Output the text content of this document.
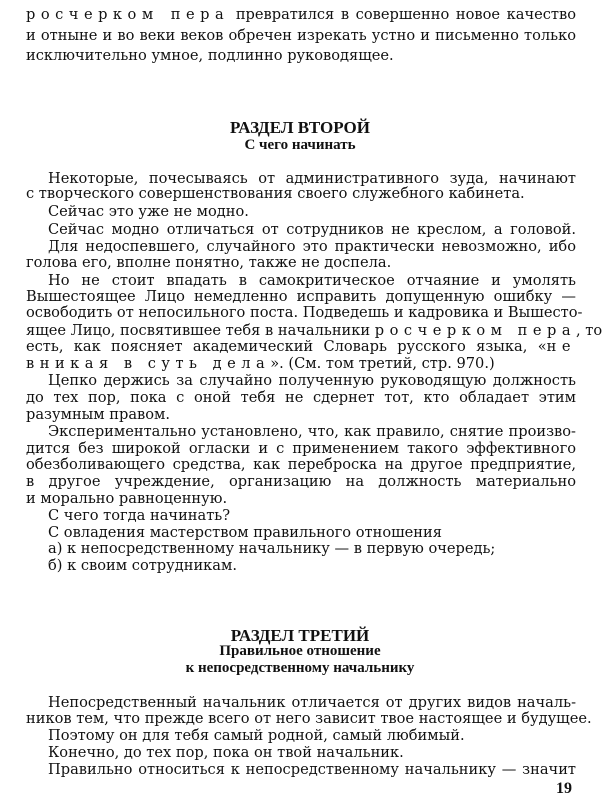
росчерком пера превратился в совершенно новое качество
и отныне и во веки веков обречен изрекать устно и письменно только
исключительно умное, подлинно руководящее.
РАЗДЕЛ ВТОРОЙ
С чего начинать
Некоторые, почесываясь от административного зуда, начинают
с творческого совершенствования своего служебного кабинета.
Сейчас это уже не модно.
Сейчас модно отличаться от сотрудников не креслом, а головой.
Для недоспевшего, случайного это практически невозможно, ибо
голова его, вполне понятно, также не доспела.
Но не стоит впадать в самокритическое отчаяние и умолять
Вышестоящее Лицо немедленно исправить допущенную ошибку —
освободить от непосильного поста. Подведешь и кадровика и Вышесто-
ящее Лицо, посвятившее тебя в начальники росчерком пера, то
есть, как поясняет академический Словарь русского языка, «не
вникая в суть дела». (См. том третий, стр. 970.)
Цепко держись за случайно полученную руководящую должность
до тех пор, пока с оной тебя не сдернет тот, кто обладает этим
разумным правом.
Экспериментально установлено, что, как правило, снятие произво-
дится без широкой огласки и с применением такого эффективного
обезболивающего средства, как переброска на другое предприятие,
в другое учреждение, организацию на должность материально
и морально равноценную.
С чего тогда начинать?
С овладения мастерством правильного отношения
а) к непосредственному начальнику — в первую очередь;
б) к своим сотрудникам.
РАЗДЕЛ ТРЕТИЙ
Правильное отношение
к непосредственному начальнику
Непосредственный начальник отличается от других видов началь-
ников тем, что прежде всего от него зависит твое настоящее и будущее.
Поэтому он для тебя самый родной, самый любимый.
Конечно, до тех пор, пока он твой начальник.
Правильно относиться к непосредственному начальнику — значит
19
